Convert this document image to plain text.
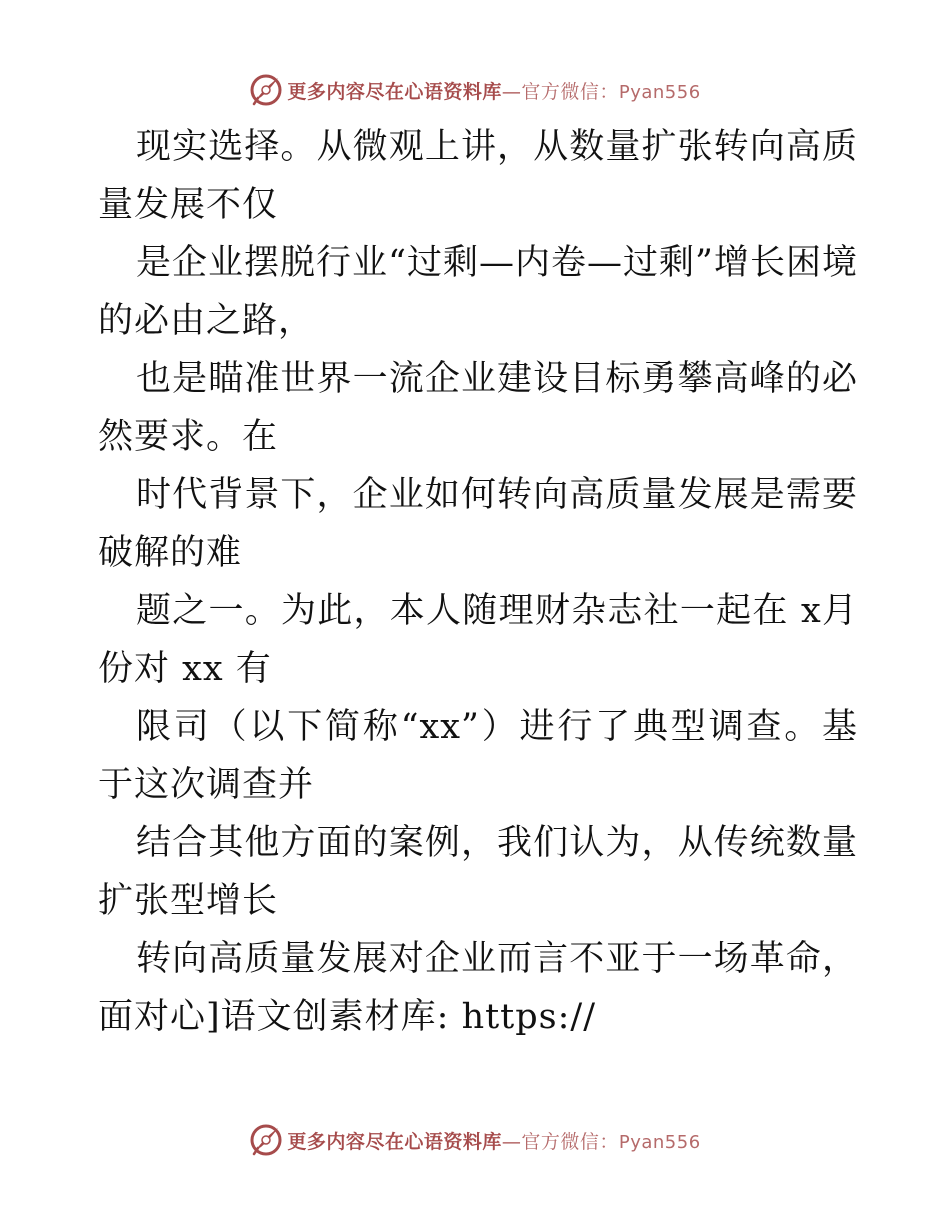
更多内容尽在心语资料库—官方微信：Pyan556

现实选择。从微观上讲，从数量扩张转向高质量发展不仅

是企业摆脱行业“过剩—内卷—过剩”增长困境的必由之路，

也是瞄准世界一流企业建设目标勇攀高峰的必然要求。在

时代背景下，企业如何转向高质量发展是需要破解的难

题之一。为此，本人随理财杂志社一起在 x月份对 xx 有

限司（以下简称“xx”）进行了典型调查。基于这次调查并

结合其他方面的案例，我们认为，从传统数量扩张型增长

转向高质量发展对企业而言不亚于一场革命，面对心]语文创素材库: https://

更多内容尽在心语资料库—官方微信：Pyan556
